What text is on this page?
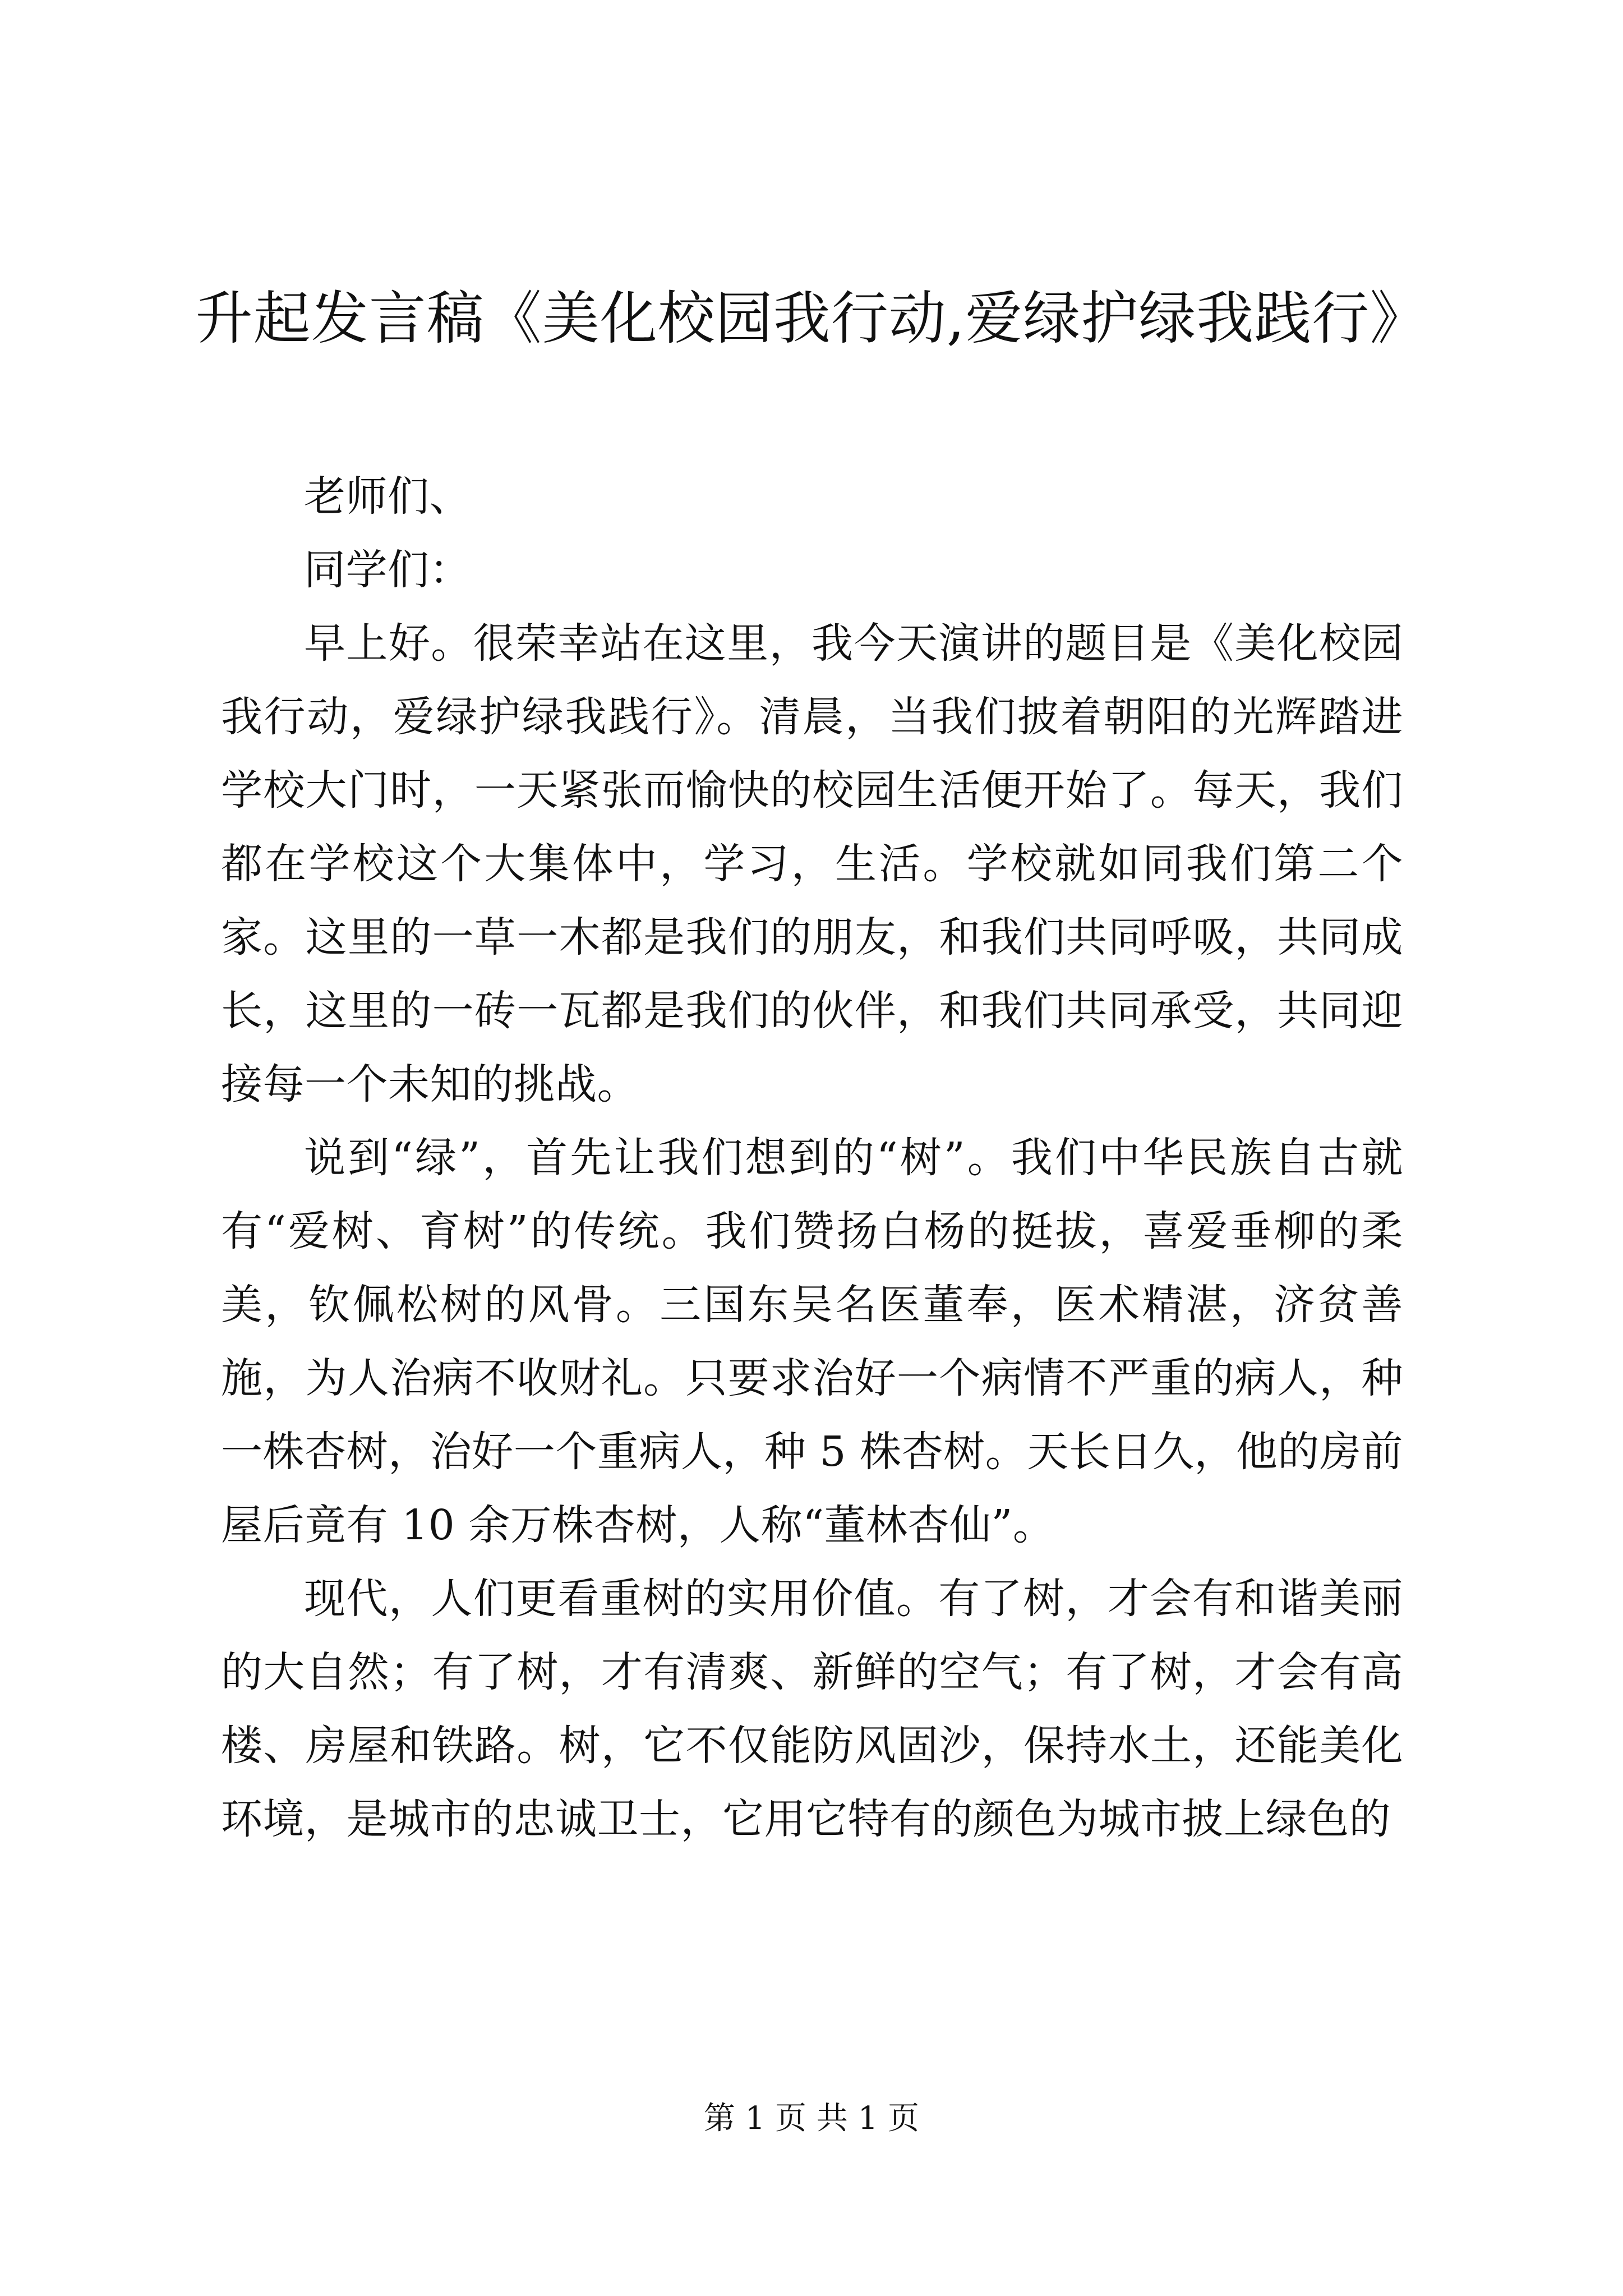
升起发言稿《美化校园我行动,爱绿护绿我践行》

老师们、

同学们：

早上好。很荣幸站在这里，我今天演讲的题目是《美化校园我行动，爱绿护绿我践行》。清晨，当我们披着朝阳的光辉踏进学校大门时，一天紧张而愉快的校园生活便开始了。每天，我们都在学校这个大集体中，学习，生活。学校就如同我们第二个家。这里的一草一木都是我们的朋友，和我们共同呼吸，共同成长，这里的一砖一瓦都是我们的伙伴，和我们共同承受，共同迎接每一个未知的挑战。

说到“绿”，首先让我们想到的“树”。我们中华民族自古就有“爱树、育树”的传统。我们赞扬白杨的挺拔，喜爱垂柳的柔美，钦佩松树的风骨。三国东吴名医董奉，医术精湛，济贫善施，为人治病不收财礼。只要求治好一个病情不严重的病人，种一株杏树，治好一个重病人，种 5 株杏树。天长日久，他的房前屋后竟有 10 余万株杏树，人称“董林杏仙”。

现代，人们更看重树的实用价值。有了树，才会有和谐美丽的大自然；有了树，才有清爽、新鲜的空气；有了树，才会有高楼、房屋和铁路。树，它不仅能防风固沙，保持水土，还能美化环境，是城市的忠诚卫士，它用它特有的颜色为城市披上绿色的

第 1 页 共 1 页
